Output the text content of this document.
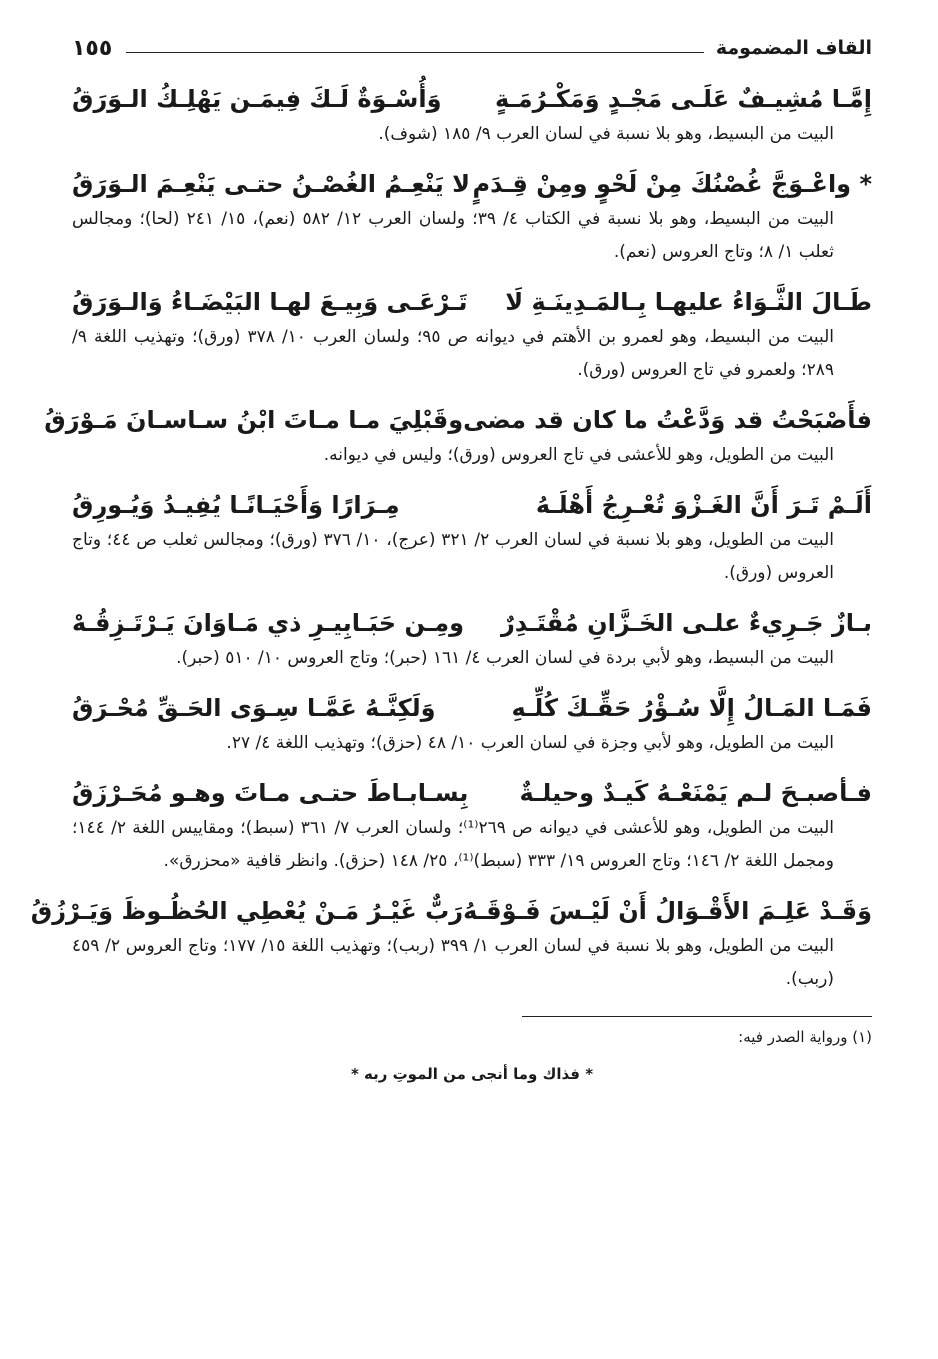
القاف المضمومة
١٥٥
إِمَّـا مُشِيـفٌ عَلَـى مَجْـدٍ وَمَكْـرُمَـةٍ
وَأُسْـوَةٌ لَـكَ فِيمَـن يَهْلِـكُ الـوَرَقُ
البيت من البسيط، وهو بلا نسبة في لسان العرب ٩/ ١٨٥ (شوف).
* واعْـوَجَّ غُصْنُكَ مِنْ لَحْوٍ ومِنْ قِـدَمٍ
لا يَنْعِـمُ الغُصْـنُ حتـى يَنْعِـمَ الـوَرَقُ
البيت من البسيط، وهو بلا نسبة في الكتاب ٤/ ٣٩؛ ولسان العرب ١٢/ ٥٨٢ (نعم)، ١٥/ ٢٤١ (لحا)؛ ومجالس ثعلب ١/ ٨؛ وتاج العروس (نعم).
طَـالَ الثَّـوَاءُ عليهـا بِـالمَـدِينَـةِ لَا
تَـرْعَـى وَبِيـعَ لهـا البَيْضَـاءُ وَالـوَرَقُ
البيت من البسيط، وهو لعمرو بن الأهتم في ديوانه ص ٩٥؛ ولسان العرب ١٠/ ٣٧٨ (ورق)؛ وتهذيب اللغة ٩/ ٢٨٩؛ ولعمرو في تاج العروس (ورق).
فأَصْبَحْتُ قد وَدَّعْتُ ما كان قد مضى
وقَبْلِيَ مـا مـاتَ ابْنُ سـاسـانَ مَـوْرَقُ
البيت من الطويل، وهو للأعشى في تاج العروس (ورق)؛ وليس في ديوانه.
أَلَـمْ تَـرَ أَنَّ الغَـزْوَ تُعْـرِجُ أَهْلَـهُ
مِـرَارًا وَأَحْيَـانًـا يُفِيـدُ وَيُـورِقُ
البيت من الطويل، وهو بلا نسبة في لسان العرب ٢/ ٣٢١ (عرج)، ١٠/ ٣٧٦ (ورق)؛ ومجالس ثعلب ص ٤٤؛ وتاج العروس (ورق).
بـازٌ جَـرِيءٌ علـى الخَـزَّانِ مُقْتَـدِرٌ
ومِـن حَبَـابِيـرِ ذي مَـاوَانَ يَـرْتَـزِقُـهْ
البيت من البسيط، وهو لأبي بردة في لسان العرب ٤/ ١٦١ (حبر)؛ وتاج العروس ١٠/ ٥١٠ (حبر).
فَمَـا المَـالُ إِلَّا سُـؤْرُ حَقِّـكَ كُلِّـهِ
وَلَكِنَّـهُ عَمَّـا سِـوَى الحَـقِّ مُحْـرَقُ
البيت من الطويل، وهو لأبي وجزة في لسان العرب ١٠/ ٤٨ (حزق)؛ وتهذيب اللغة ٤/ ٢٧.
فـأصبـحَ لـم يَمْنَعْـهُ كَيـدٌ وحيلـةٌ
بِسـابـاطَ حتـى مـاتَ وهـو مُحَـرْزَقُ
البيت من الطويل، وهو للأعشى في ديوانه ص ٢٦٩⁽¹⁾؛ ولسان العرب ٧/ ٣٦١ (سبط)؛ ومقاييس اللغة ٢/ ١٤٤؛ ومجمل اللغة ٢/ ١٤٦؛ وتاج العروس ١٩/ ٣٣٣ (سبط)⁽¹⁾، ٢٥/ ١٤٨ (حزق). وانظر قافية «محزرق».
وَقَـدْ عَلِـمَ الأَقْـوَالُ أَنْ لَيْـسَ فَـوْقَـهُ
رَبٌّ غَيْـرُ مَـنْ يُعْطِي الحُظُـوظَ وَيَـرْزُقُ
البيت من الطويل، وهو بلا نسبة في لسان العرب ١/ ٣٩٩ (ربب)؛ وتهذيب اللغة ١٥/ ١٧٧؛ وتاج العروس ٢/ ٤٥٩ (ربب).
(١) ورواية الصدر فيه:
* فذاك وما أنجى من الموتِ ربه *
